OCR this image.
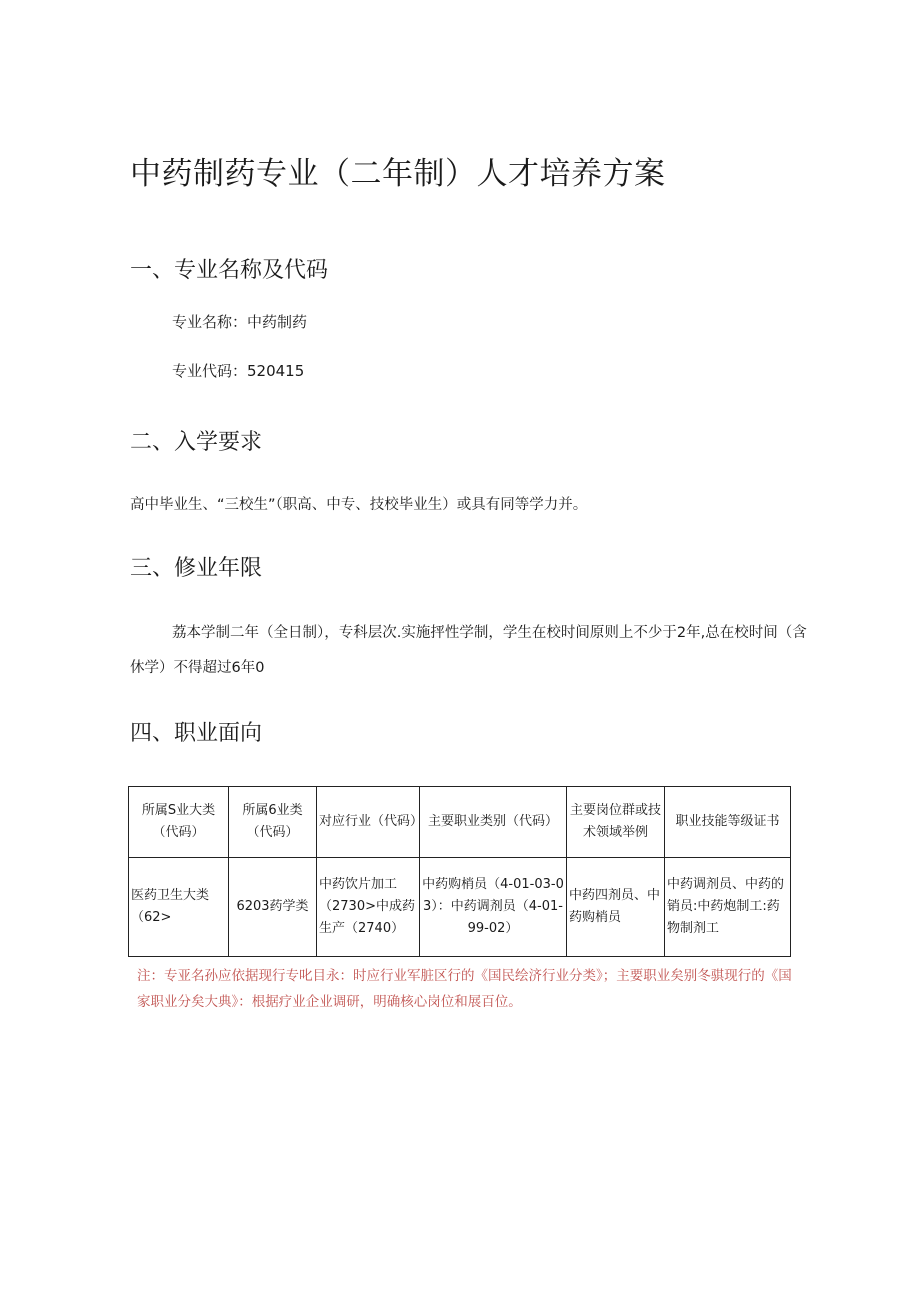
中药制药专业（二年制）人才培养方案
一、专业名称及代码
专业名称：中药制药
专业代码：520415
二、入学要求
高中毕业生、“三校生”（职高、中专、技校毕业生）或具有同等学力并。
三、修业年限
荔本学制二年（全日制），专科层次.实施抨性学制，学生在校时间原则上不少于2年,总在校时间（含
休学）不得超过6年0
四、职业面向
所属S业大类（代码）	所属6业类（代码）	对应行业（代码）	主要职业类别（代码）	主要岗位群或技术领域举例	职业技能等级证书
医药卫生大类（62>	6203药学类	中药饮片加工（2730>中成药生产（2740）	中药购梢员（4-01-03-03）：中药调剂员（4-01-99-02）	中药四剂员、中药购梢员	中药调剂员、中药的销员:中药炮制工:药物制剂工
注：专亚名孙应依据现行专叱目永：时应行业军脏区行的《国民绘济行业分类》；主要职业矣别冬骐现行的《国家职业分矣大典》：根据疗业企业调研，明确核心岗位和展百位。
